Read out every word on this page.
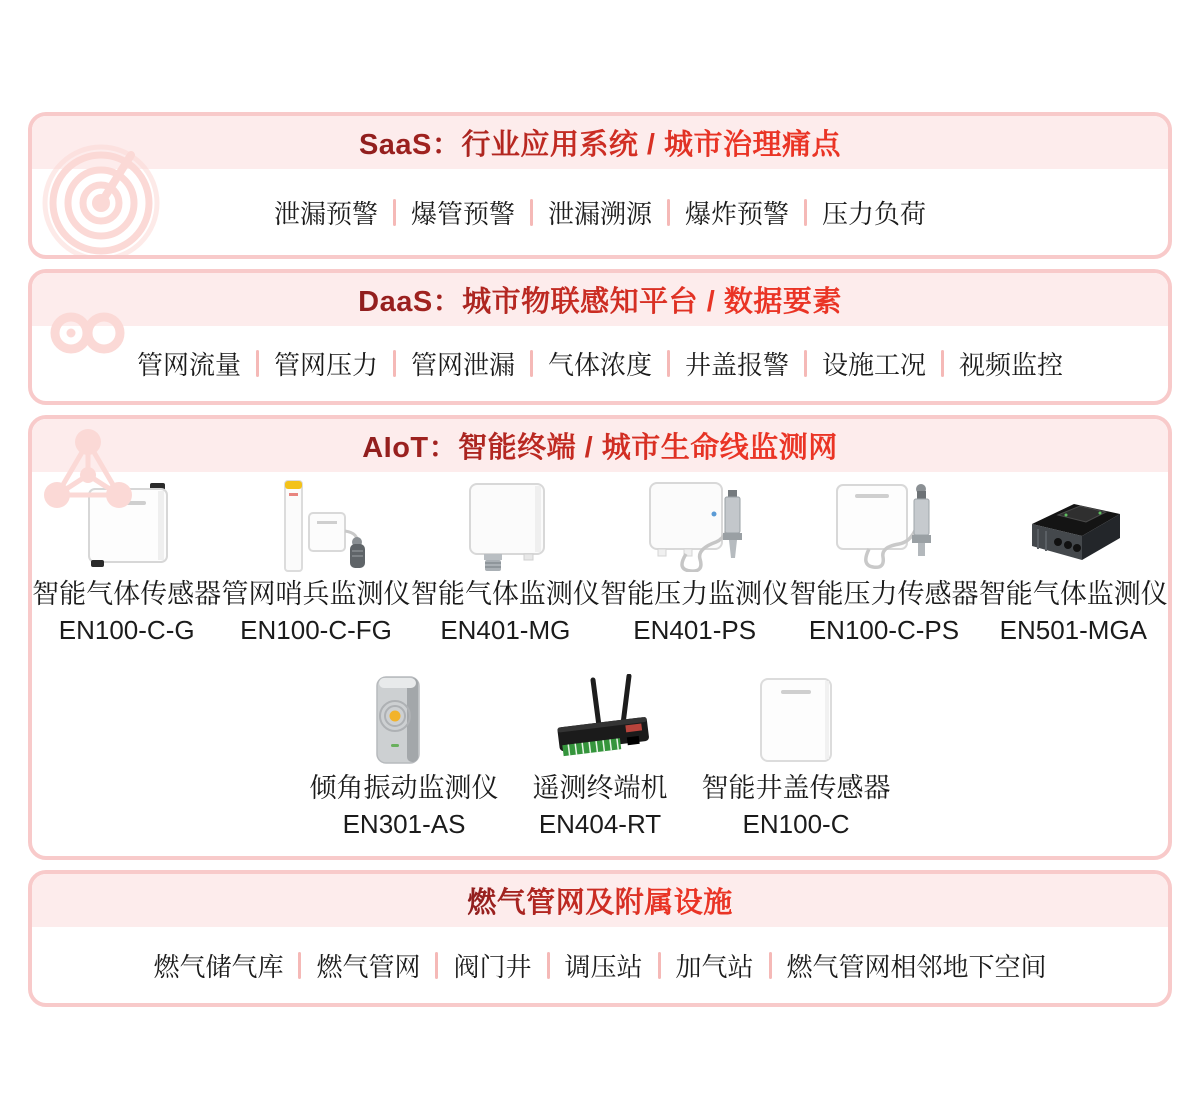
SaaS：行业应用系统 / 城市治理痛点
泄漏预警	爆管预警	泄漏溯源	爆炸预警	压力负荷
DaaS：城市物联感知平台 / 数据要素
管网流量	管网压力	管网泄漏	气体浓度	井盖报警	设施工况	视频监控
AIoT：智能终端 / 城市生命线监测网
智能气体传感器
EN100-C-G
管网哨兵监测仪
EN100-C-FG
智能气体监测仪
EN401-MG
智能压力监测仪
EN401-PS
智能压力传感器
EN100-C-PS
智能气体监测仪
EN501-MGA
倾角振动监测仪
EN301-AS
遥测终端机
EN404-RT
智能井盖传感器
EN100-C
燃气管网及附属设施
燃气储气库	燃气管网	阀门井	调压站	加气站	燃气管网相邻地下空间
